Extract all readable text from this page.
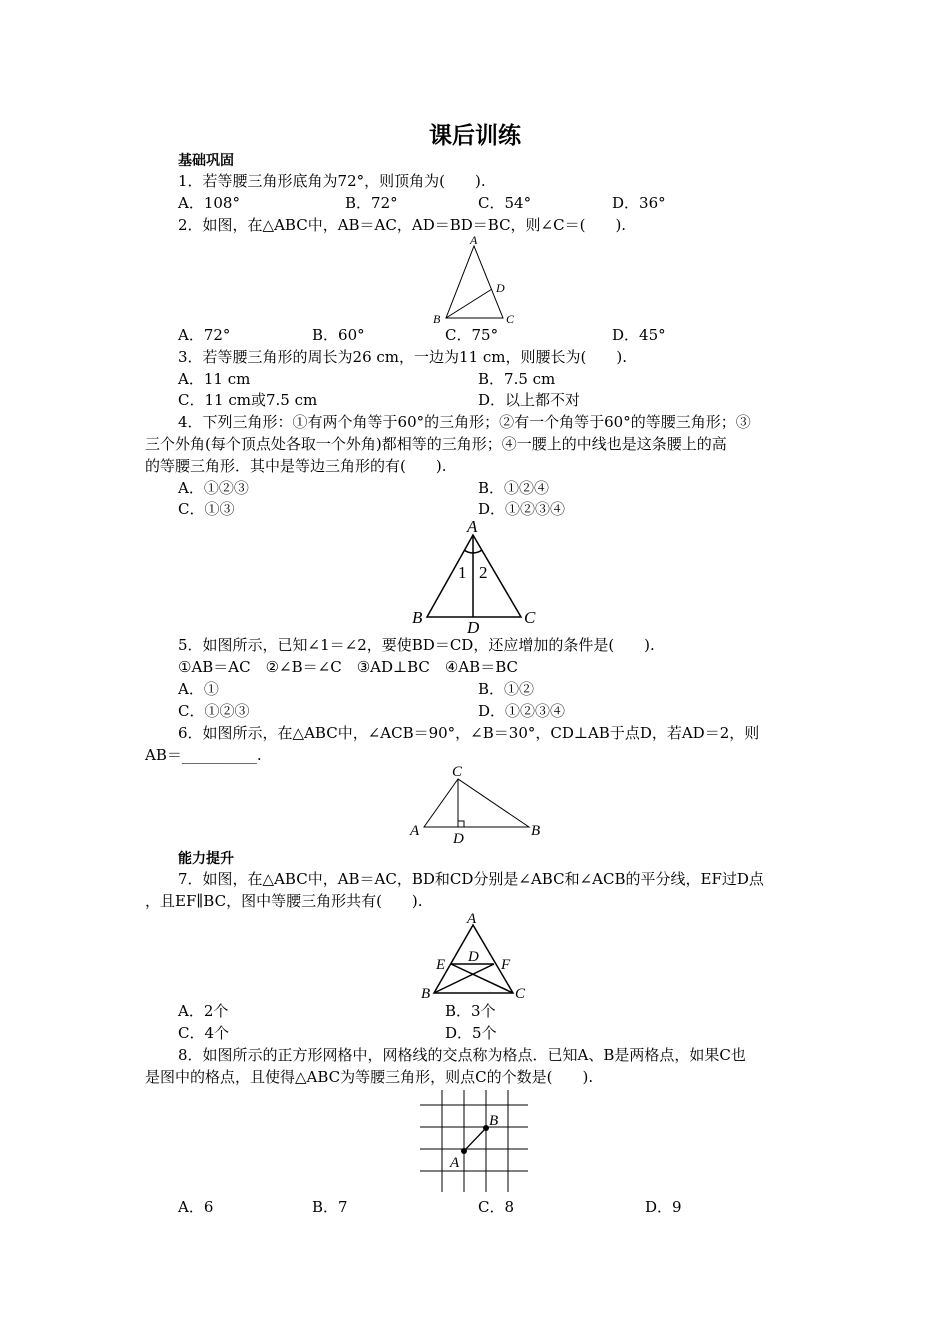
课后训练
基础巩固
1．若等腰三角形底角为72°，则顶角为(　　).
A．108°	B．72°	C．54°	D．36°
2．如图，在△ABC中，AB＝AC，AD＝BD＝BC，则∠C＝(　　).
A
B	C
D
A．72°	B．60°	C．75°	D．45°
3．若等腰三角形的周长为26 cm，一边为11 cm，则腰长为(　　).
A．11 cm	B．7.5 cm
C．11 cm或7.5 cm	D．以上都不对
4．下列三角形：①有两个角等于60°的三角形；②有一个角等于60°的等腰三角形；③
三个外角(每个顶点处各取一个外角)都相等的三角形；④一腰上的中线也是这条腰上的高
的等腰三角形．其中是等边三角形的有(　　).
A．①②③	B．①②④
C．①③	D．①②③④
A
B	C
D
1 2
5．如图所示，已知∠1＝∠2，要使BD＝CD，还应增加的条件是(　　).
①AB＝AC　②∠B＝∠C　③AD⊥BC　④AB＝BC
A．①	B．①②
C．①②③	D．①②③④
6．如图所示，在△ABC中，∠ACB＝90°，∠B＝30°，CD⊥AB于点D，若AD＝2，则
AB＝__________.
C
A D	B
能力提升
7．如图，在△ABC中，AB＝AC，BD和CD分别是∠ABC和∠ACB的平分线，EF过D点
，且EF∥BC，图中等腰三角形共有(　　).
A
E D F
B	C
A．2个	B．3个
C．4个	D．5个
8．如图所示的正方形网格中，网格线的交点称为格点．已知A、B是两格点，如果C也
是图中的格点，且使得△ABC为等腰三角形，则点C的个数是(　　).
B
A
A．6	B．7	C．8	D．9
